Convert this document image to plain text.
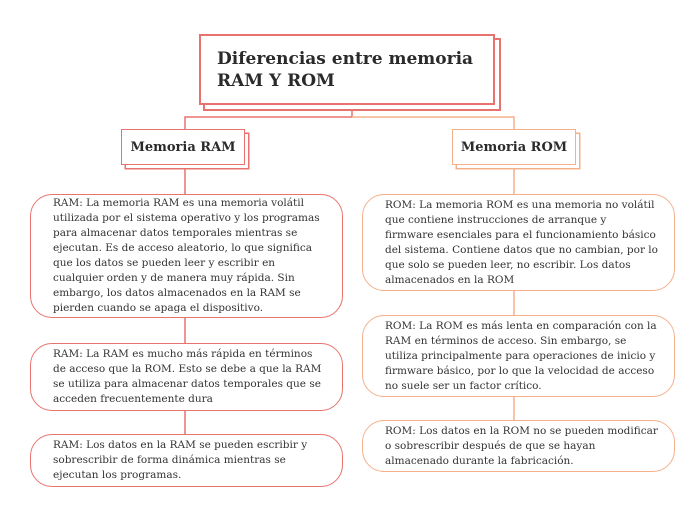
Diferencias entre memoria RAM Y ROM
Memoria RAM	Memoria ROM
RAM: La memoria RAM es una memoria volátil utilizada por el sistema operativo y los programas para almacenar datos temporales mientras se ejecutan. Es de acceso aleatorio, lo que significa que los datos se pueden leer y escribir en cualquier orden y de manera muy rápida. Sin embargo, los datos almacenados en la RAM se pierden cuando se apaga el dispositivo.
RAM: La RAM es mucho más rápida en términos de acceso que la ROM. Esto se debe a que la RAM se utiliza para almacenar datos temporales que se acceden frecuentemente dura
RAM: Los datos en la RAM se pueden escribir y sobrescribir de forma dinámica mientras se ejecutan los programas.
ROM: La memoria ROM es una memoria no volátil que contiene instrucciones de arranque y firmware esenciales para el funcionamiento básico del sistema. Contiene datos que no cambian, por lo que solo se pueden leer, no escribir. Los datos almacenados en la ROM
ROM: La ROM es más lenta en comparación con la RAM en términos de acceso. Sin embargo, se utiliza principalmente para operaciones de inicio y firmware básico, por lo que la velocidad de acceso no suele ser un factor crítico.
ROM: Los datos en la ROM no se pueden modificar o sobrescribir después de que se hayan almacenado durante la fabricación.
